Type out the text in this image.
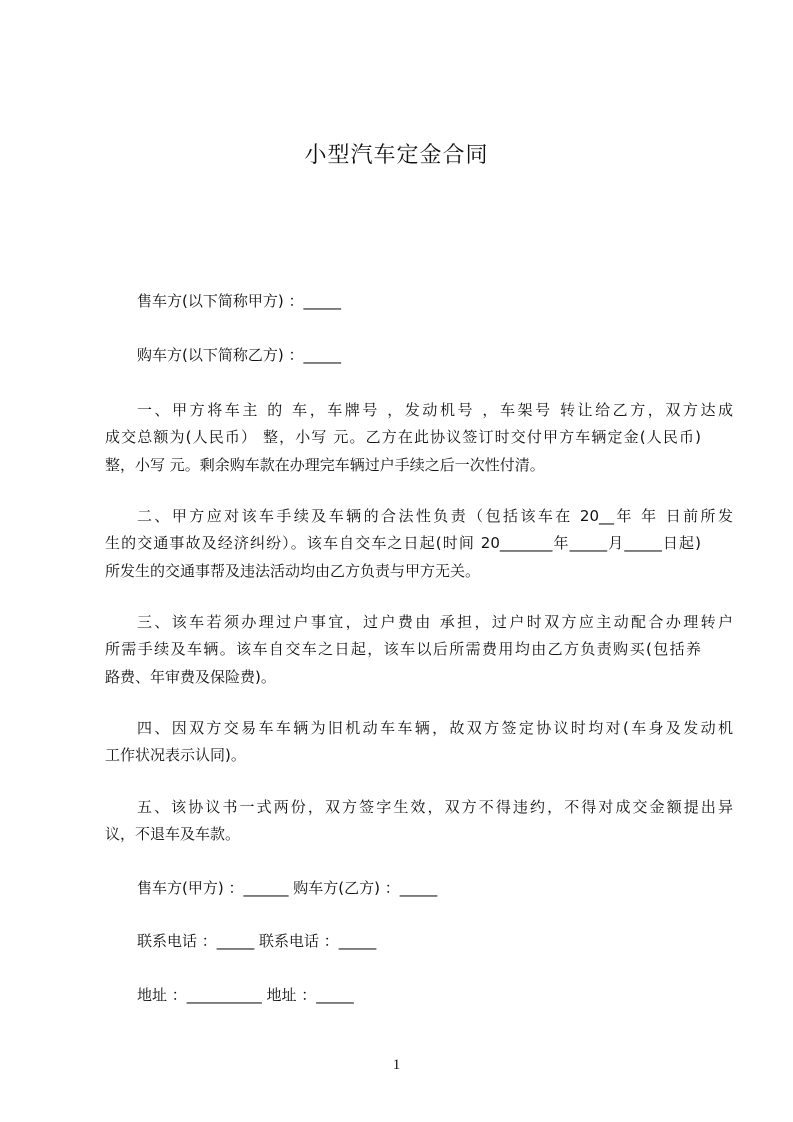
小型汽车定金合同
售车方(以下简称甲方) ：_____
购车方(以下简称乙方) ：_____
一、甲方将车主 的 车，车牌号 ，发动机号 ，车架号 转让给乙方，双方达成
成交总额为(人民币） 整，小写 元。乙方在此协议签订时交付甲方车辆定金(人民币)
整，小写 元。剩余购车款在办理完车辆过户手续之后一次性付清。
二、甲方应对该车手续及车辆的合法性负责（包括该车在 20__年 年 日前所发
生的交通事故及经济纠纷）。该车自交车之日起(时间 20_______年_____月_____日起)
所发生的交通事帮及违法活动均由乙方负责与甲方无关。
三、该车若须办理过户事宜，过户费由 承担，过户时双方应主动配合办理转户
所需手续及车辆。该车自交车之日起，该车以后所需费用均由乙方负责购买(包括养
路费、年审费及保险费)。
四、因双方交易车车辆为旧机动车车辆，故双方签定协议时均对(车身及发动机
工作状况表示认同)。
五、该协议书一式两份，双方签字生效，双方不得违约，不得对成交金额提出异
议，不退车及车款。
售车方(甲方) ：______ 购车方(乙方) ：_____
联系电话 ：_____ 联系电话 ：_____
地址 ：__________ 地址 ：_____
1
